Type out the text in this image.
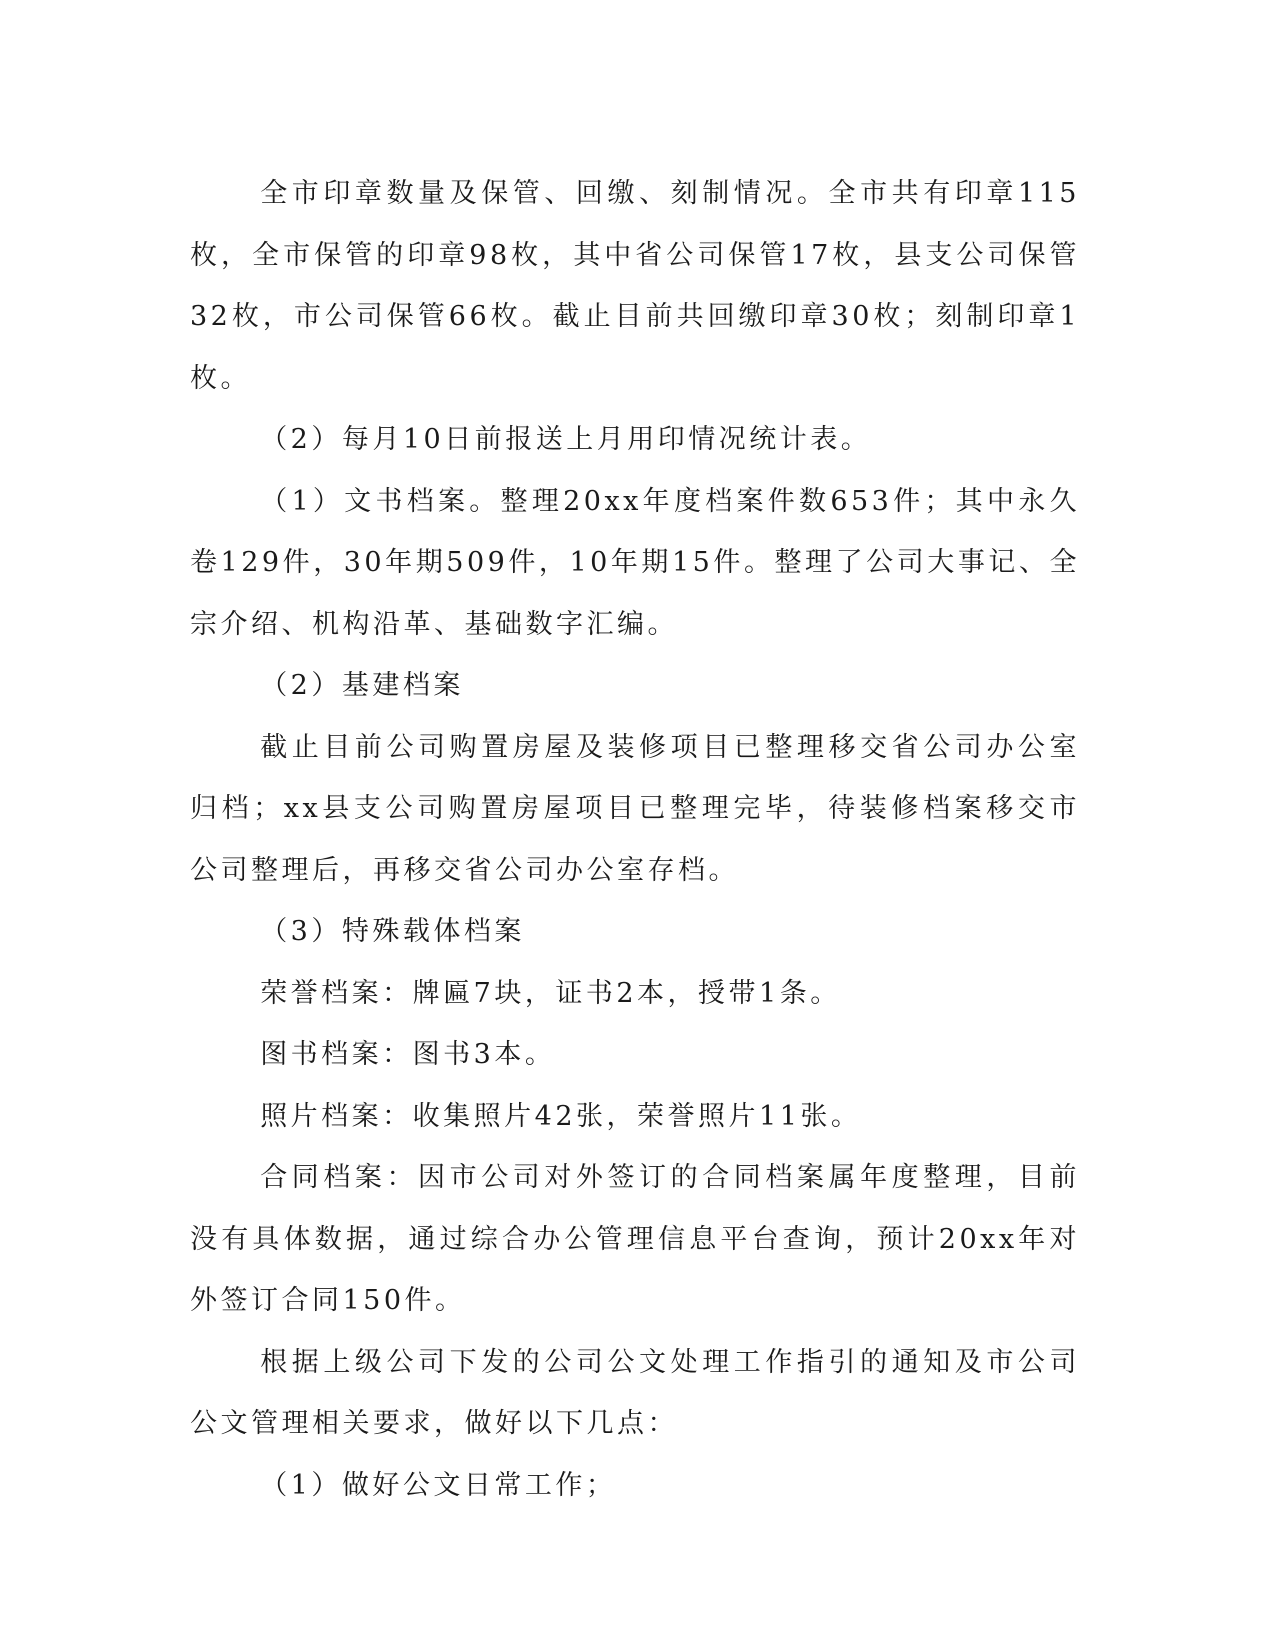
全市印章数量及保管、回缴、刻制情况。全市共有印章115枚，全市保管的印章98枚，其中省公司保管17枚，县支公司保管32枚，市公司保管66枚。截止目前共回缴印章30枚；刻制印章1枚。

（2）每月10日前报送上月用印情况统计表。

（1）文书档案。整理20xx年度档案件数653件；其中永久卷129件，30年期509件，10年期15件。整理了公司大事记、全宗介绍、机构沿革、基础数字汇编。

（2）基建档案

截止目前公司购置房屋及装修项目已整理移交省公司办公室归档；xx县支公司购置房屋项目已整理完毕，待装修档案移交市公司整理后，再移交省公司办公室存档。

（3）特殊载体档案

荣誉档案：牌匾7块，证书2本，授带1条。

图书档案：图书3本。

照片档案：收集照片42张，荣誉照片11张。

合同档案：因市公司对外签订的合同档案属年度整理，目前没有具体数据，通过综合办公管理信息平台查询，预计20xx年对外签订合同150件。

根据上级公司下发的公司公文处理工作指引的通知及市公司公文管理相关要求，做好以下几点：

（1）做好公文日常工作；
